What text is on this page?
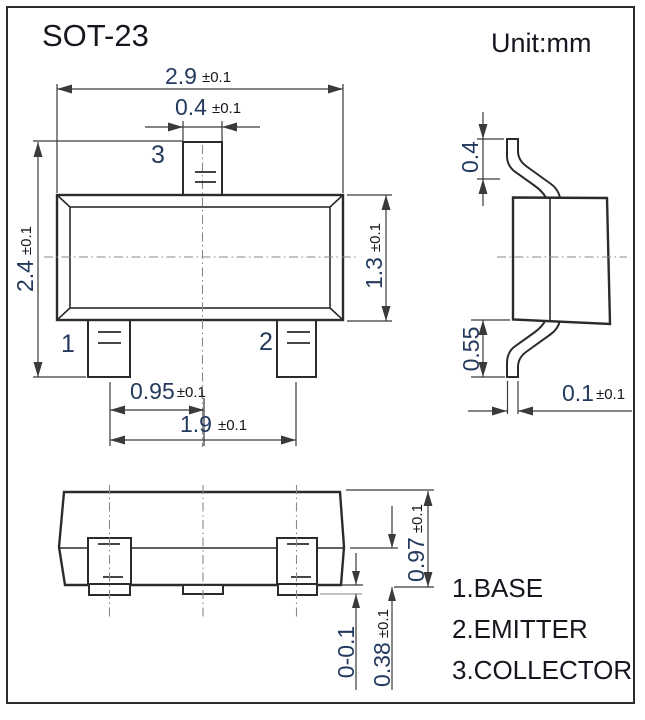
SOT-23	Unit:mm
1	2
3
2.9 ±0.1
0.4 ±0.1
2.4±0.1
1.3±0.1
0.95 ±0.1
1.9 ±0.1
0.4
0.55
0.1 ±0.1
0.97±0.1
0.38±0.1
0-0.1
1.BASE
2.EMITTER
3.COLLECTOR
